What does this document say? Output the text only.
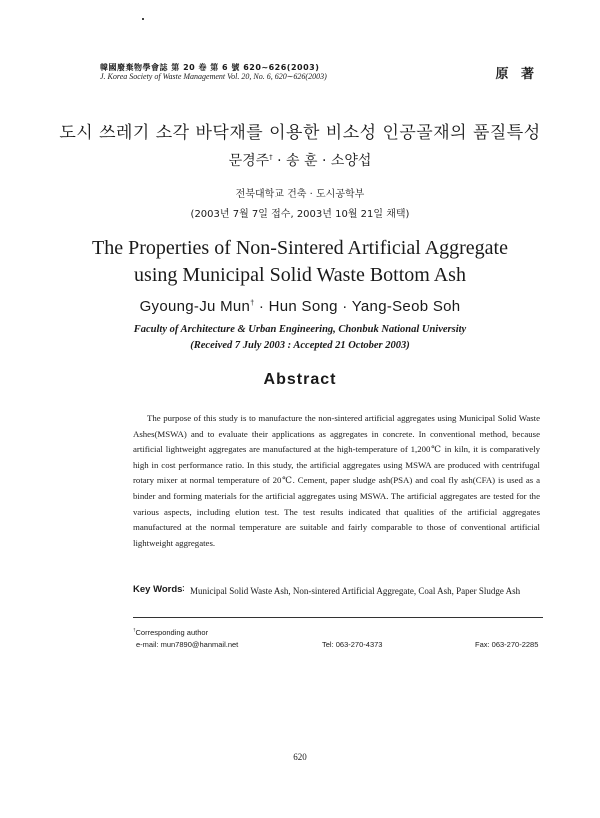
韓國廢棄物學會誌 第 20 卷 第 6 號 620∼626(2003)
J. Korea Society of Waste Management Vol. 20, No. 6, 620∼626(2003)	原 著
도시 쓰레기 소각 바닥재를 이용한 비소성 인공골재의 품질특성
문경주† · 송 훈 · 소양섭
전북대학교 건축 · 도시공학부
(2003년 7월 7일 접수, 2003년 10월 21일 채택)
The Properties of Non-Sintered Artificial Aggregate
using Municipal Solid Waste Bottom Ash
Gyoung-Ju Mun† · Hun Song · Yang-Seob Soh
Faculty of Architecture & Urban Engineering, Chonbuk National University
(Received 7 July 2003 : Accepted 21 October 2003)
Abstract
The purpose of this study is to manufacture the non-sintered artificial aggregates using Municipal Solid Waste Ashes(MSWA) and to evaluate their applications as aggregates in concrete. In conventional method, because artificial lightweight aggregates are manufactured at the high-temperature of 1,200℃ in kiln, it is comparatively high in cost performance ratio. In this study, the artificial aggregates using MSWA are produced with centrifugal rotary mixer at normal temperature of 20℃. Cement, paper sludge ash(PSA) and coal fly ash(CFA) is used as a binder and forming materials for the artificial aggregates using MSWA. The artificial aggregates are tested for the various aspects, including elution test. The test results indicated that qualities of the artificial aggregates manufactured at the normal temperature are suitable and fairly comparable to those of conventional artificial lightweight aggregates.
Key Words : Municipal Solid Waste Ash, Non-sintered Artificial Aggregate, Coal Ash, Paper Sludge Ash
†Corresponding author
e-mail: mun7890@hanmail.net	Tel: 063-270-4373	Fax: 063-270-2285
620
